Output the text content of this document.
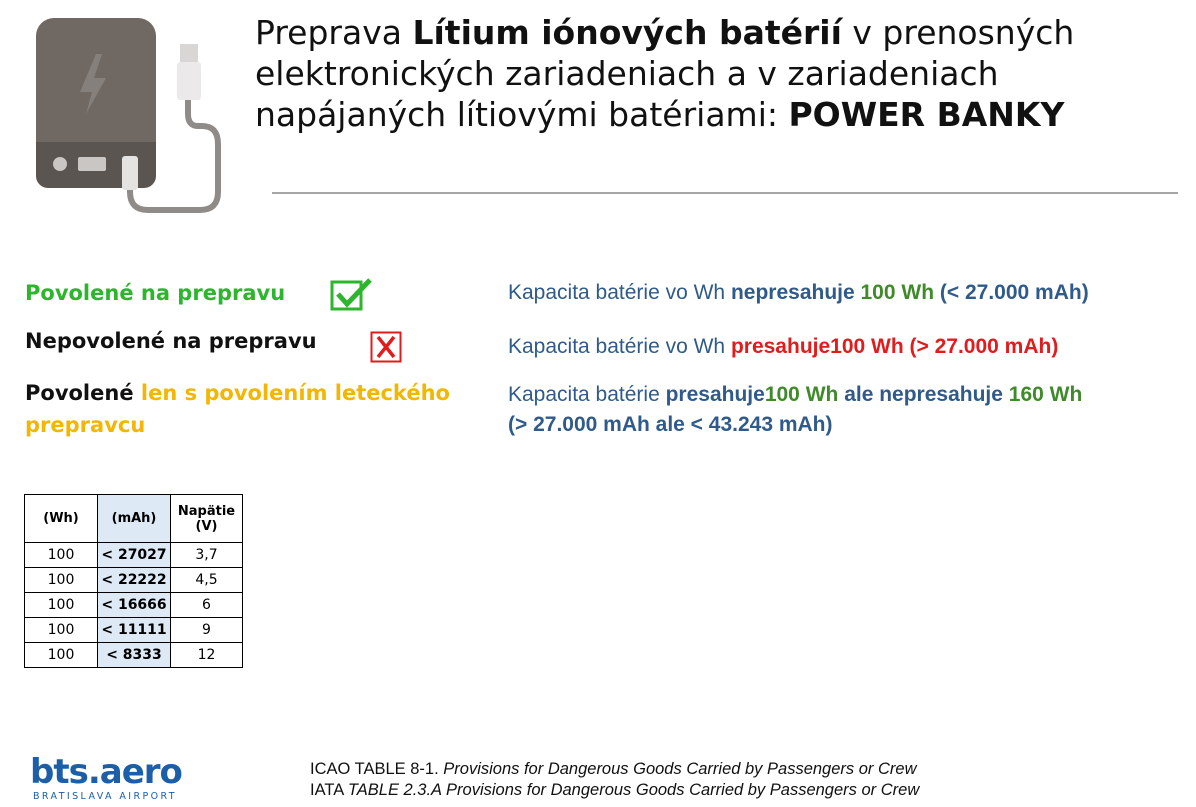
Preprava Lítium iónových batérií v prenosných elektronických zariadeniach a v zariadeniach napájaných lítiovými batériami: POWER BANKY
Povolené na prepravu	Kapacita batérie vo Wh nepresahuje 100 Wh (< 27.000 mAh)
Nepovolené na prepravu	Kapacita batérie vo Wh presahuje100 Wh (> 27.000 mAh)
Povolené len s povolením leteckého prepravcu
Kapacita batérie presahuje100 Wh ale nepresahuje 160 Wh
(> 27.000 mAh ale < 43.243 mAh)
(Wh)	(mAh)	Napätie (V)
100	< 27027	3,7
100	< 22222	4,5
100	< 16666	6
100	< 11111	9
100	< 8333	12
bts.aero
BRATISLAVA AIRPORT
ICAO TABLE 8-1. Provisions for Dangerous Goods Carried by Passengers or Crew
IATA TABLE 2.3.A Provisions for Dangerous Goods Carried by Passengers or Crew
